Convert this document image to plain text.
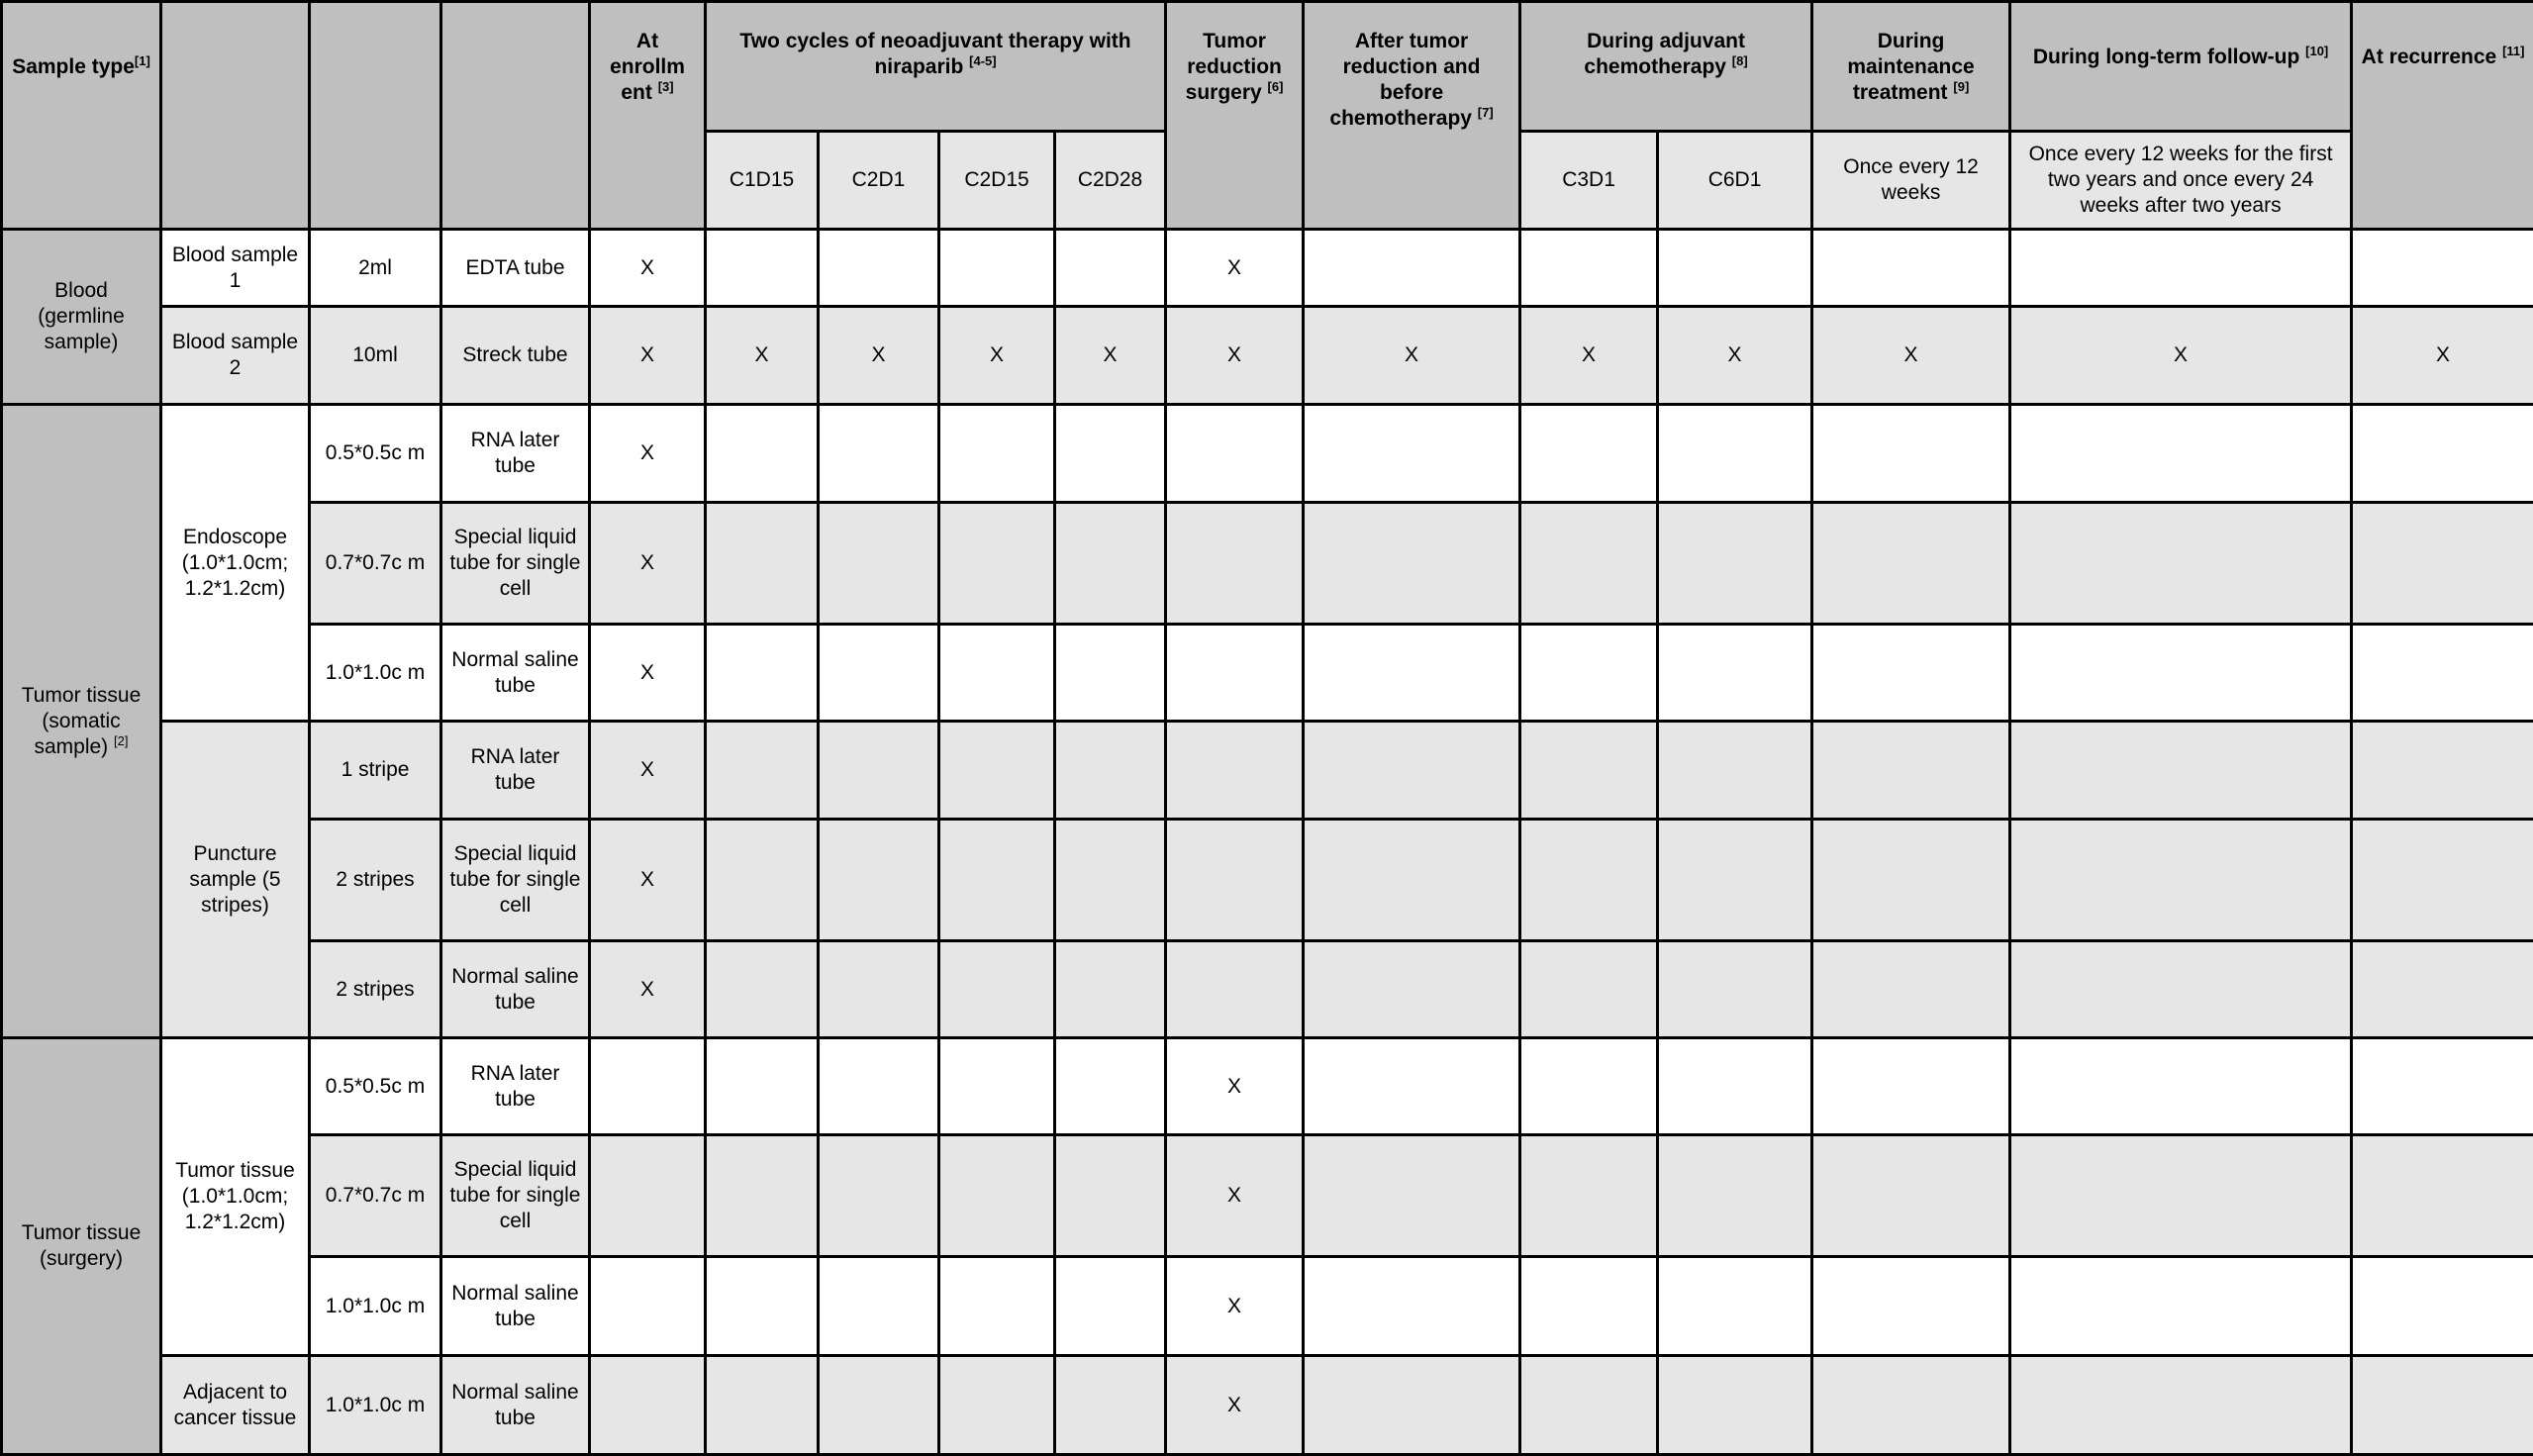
Sample type[1]				At enrollm ent [3]	Two cycles of neoadjuvant therapy with niraparib [4-5]				Tumor reduction surgery [6]	After tumor reduction and before chemotherapy [7]	During adjuvant chemotherapy [8]		During maintenance treatment [9]	During long-term follow-up [10]	At recurrence [11]
					C1D15	C2D1	C2D15	C2D28			C3D1	C6D1	Once every 12 weeks	Once every 12 weeks for the first two years and once every 24 weeks after two years	
Blood (germline sample)	Blood sample 1	2ml	EDTA tube	X					X						
	Blood sample 2	10ml	Streck tube	X	X	X	X	X	X	X	X	X	X	X	X
Tumor tissue (somatic sample) [2]	Endoscope (1.0*1.0cm; 1.2*1.2cm)	0.5*0.5c m	RNA later tube	X											
		0.7*0.7c m	Special liquid tube for single cell	X											
		1.0*1.0c m	Normal saline tube	X											
	Puncture sample (5 stripes)	1 stripe	RNA later tube	X											
		2 stripes	Special liquid tube for single cell	X											
		2 stripes	Normal saline tube	X											
Tumor tissue (surgery)	Tumor tissue (1.0*1.0cm; 1.2*1.2cm)	0.5*0.5c m	RNA later tube						X						
		0.7*0.7c m	Special liquid tube for single cell						X						
		1.0*1.0c m	Normal saline tube						X						
	Adjacent to cancer tissue	1.0*1.0c m	Normal saline tube						X						
